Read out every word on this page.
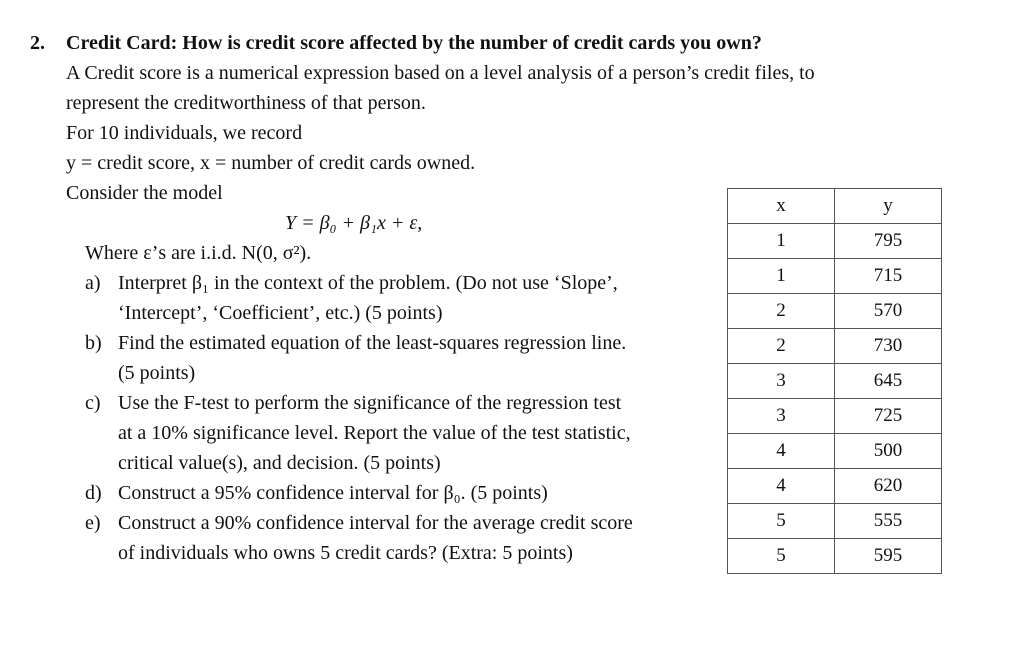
2. Credit Card: How is credit score affected by the number of credit cards you own?
A Credit score is a numerical expression based on a level analysis of a person’s credit files, to
represent the creditworthiness of that person.
For 10 individuals, we record
y = credit score, x = number of credit cards owned.
Consider the model
Y = β₀ + β₁x + ε,
Where ε’s are i.i.d. N(0, σ²).
a) Interpret β₁ in the context of the problem. (Do not use ‘Slope’,
‘Intercept’, ‘Coefficient’, etc.) (5 points)
b) Find the estimated equation of the least-squares regression line.
(5 points)
c) Use the F-test to perform the significance of the regression test
at a 10% significance level. Report the value of the test statistic,
critical value(s), and decision. (5 points)
d) Construct a 95% confidence interval for β₀. (5 points)
e) Construct a 90% confidence interval for the average credit score
of individuals who owns 5 credit cards? (Extra: 5 points)
x	y
1	795
1	715
2	570
2	730
3	645
3	725
4	500
4	620
5	555
5	595
